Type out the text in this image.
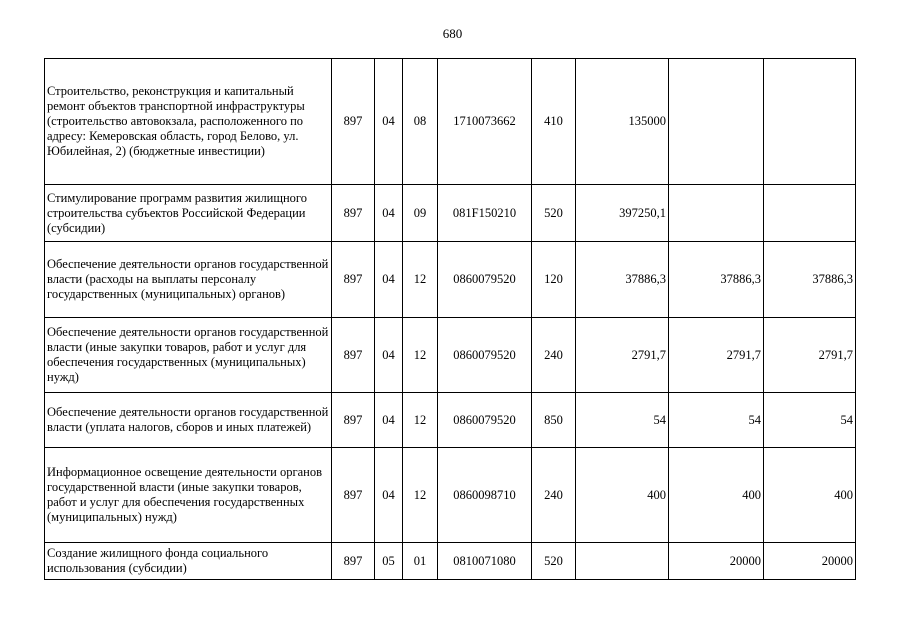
680
Строительство, реконструкция и капитальный ремонт объектов транспортной инфраструктуры (строительство автовокзала, расположенного по адресу: Кемеровская область, город Белово, ул. Юбилейная, 2) (бюджетные инвестиции)	897	04	08	1710073662	410	135000		
Стимулирование программ развития жилищного строительства субъектов Российской Федерации (субсидии)	897	04	09	081F150210	520	397250,1		
Обеспечение деятельности органов государственной власти (расходы на выплаты персоналу государственных (муниципальных) органов)	897	04	12	0860079520	120	37886,3	37886,3	37886,3
Обеспечение деятельности органов государственной власти (иные закупки товаров, работ и услуг для обеспечения государственных (муниципальных) нужд)	897	04	12	0860079520	240	2791,7	2791,7	2791,7
Обеспечение деятельности органов государственной власти (уплата налогов, сборов и иных платежей)	897	04	12	0860079520	850	54	54	54
Информационное освещение деятельности органов государственной власти (иные закупки товаров, работ и услуг для обеспечения государственных (муниципальных) нужд)	897	04	12	0860098710	240	400	400	400
Создание жилищного фонда социального использования (субсидии)	897	05	01	0810071080	520		20000	20000
